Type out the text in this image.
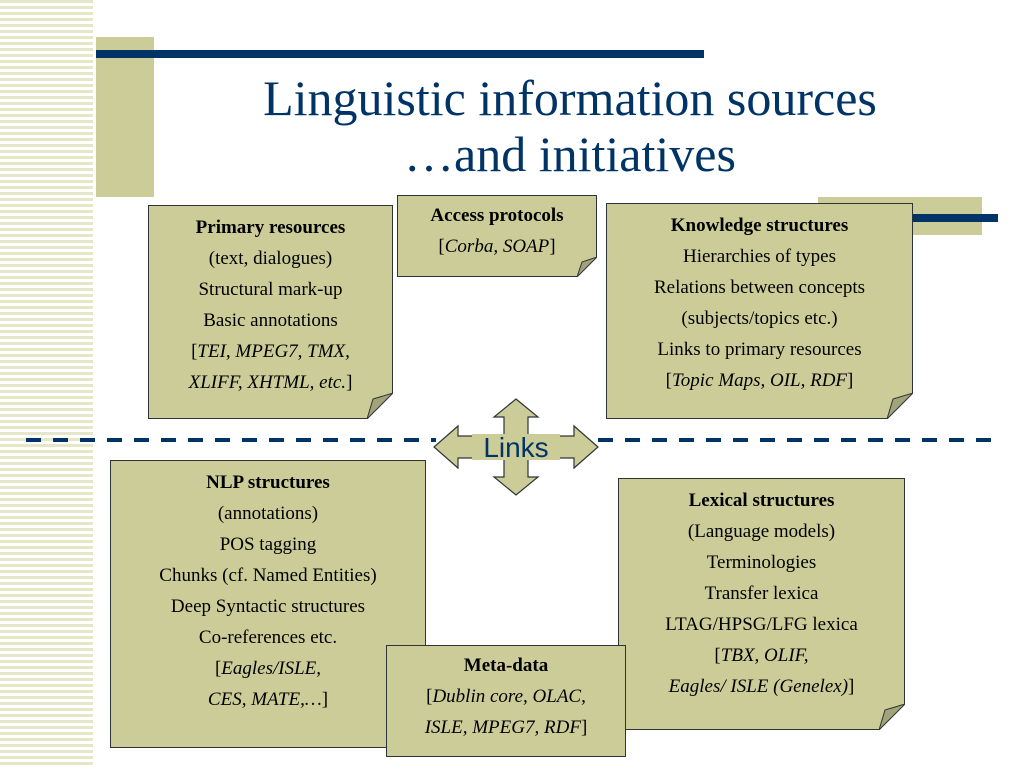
Linguistic information sources
…and initiatives
Primary resources
(text, dialogues)
Structural mark-up
Basic annotations
[TEI, MPEG7, TMX,
XLIFF, XHTML, etc.]
Access protocols
[Corba, SOAP]
Knowledge structures
Hierarchies of types
Relations between concepts
(subjects/topics etc.)
Links to primary resources
[Topic Maps, OIL, RDF]
NLP structures
(annotations)
POS tagging
Chunks (cf. Named Entities)
Deep Syntactic structures
Co-references etc.
[Eagles/ISLE,
CES, MATE,…]
Lexical structures
(Language models)
Terminologies
Transfer lexica
LTAG/HPSG/LFG lexica
[TBX, OLIF,
Eagles/ ISLE (Genelex)]
Meta-data
[Dublin core, OLAC,
ISLE, MPEG7, RDF]
Links
